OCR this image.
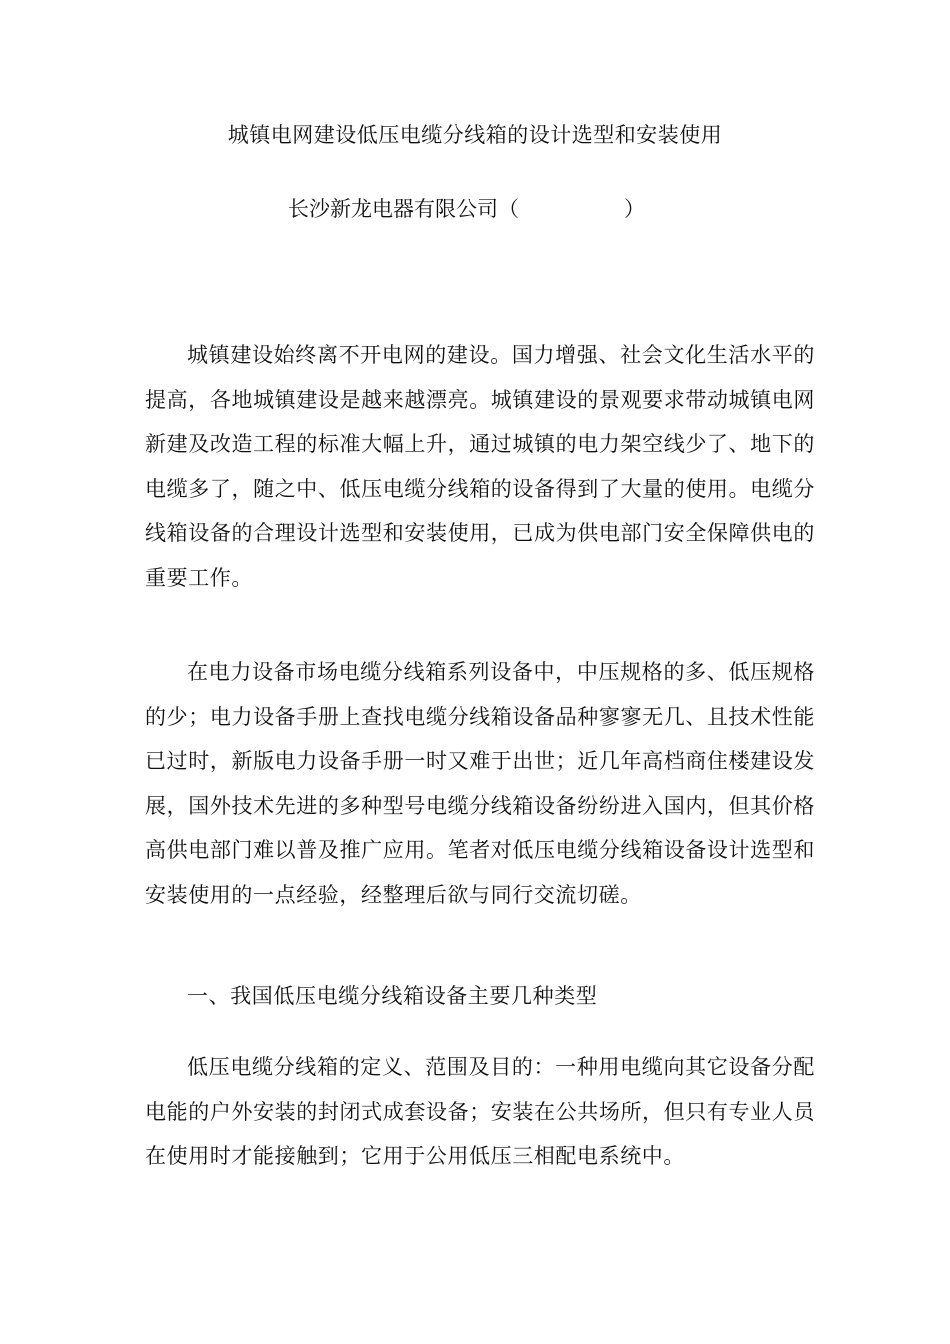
城镇电网建设低压电缆分线箱的设计选型和安装使用
长沙新龙电器有限公司（　　　　　）

城镇建设始终离不开电网的建设。国力增强、社会文化生活水平的提高，各地城镇建设是越来越漂亮。城镇建设的景观要求带动城镇电网新建及改造工程的标准大幅上升，通过城镇的电力架空线少了、地下的电缆多了，随之中、低压电缆分线箱的设备得到了大量的使用。电缆分线箱设备的合理设计选型和安装使用，已成为供电部门安全保障供电的重要工作。

在电力设备市场电缆分线箱系列设备中，中压规格的多、低压规格的少；电力设备手册上查找电缆分线箱设备品种寥寥无几、且技术性能已过时，新版电力设备手册一时又难于出世；近几年高档商住楼建设发展，国外技术先进的多种型号电缆分线箱设备纷纷进入国内，但其价格高供电部门难以普及推广应用。笔者对低压电缆分线箱设备设计选型和安装使用的一点经验，经整理后欲与同行交流切磋。

一、我国低压电缆分线箱设备主要几种类型

低压电缆分线箱的定义、范围及目的：一种用电缆向其它设备分配电能的户外安装的封闭式成套设备；安装在公共场所，但只有专业人员在使用时才能接触到；它用于公用低压三相配电系统中。
